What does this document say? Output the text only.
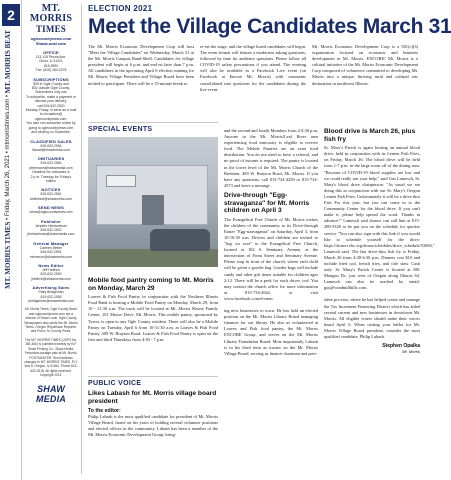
2
MT. MORRIS TIMES • Friday, March 26, 2021 • mtmorristimes.com • MT. MORRIS BEAT
MT. MORRIS
TIMES
oglecountynews.com
ShawLocal.com
OFFICE

113-115 Peoria Ave.

Dixon, IL 61021

815-9590

Fax: (815) 284-2078

SUBSCRIPTIONS

$39 in Ogle County and

$52 outside Ogle County.

Subscribers only can

To subscribe, make a payment or

discuss your delivery,

call 815-632-2520

Monday-Friday, or send an e-mail

to circulation@

oglecountynews.com.

You also can subscribe online by

going to oglecountynews.com

and clicking on Subscribe.

CLASSIFIED SALES

815-632-2554

kiszart@shawmedia.com

OBITUARIES

815-632-2554

pfertmann@shawmedia.com

Deadline for obituaries is

2 p.m. Tuesday for Friday's

edition

NOTICES

815-632-2561

kfoffredot@shawmedia.com

SEND NEWS

news@oglecountynews.com

Publisher

Jennifer Heintzelman

815-632-2502

jheintzelman@shawmedia.com

General Manager

Carleen Metter

815-632-2591

elemmon@shawmedia.com

News Editor

Jeff Helfrich

815-632-2590

jhelfrich@shawmedia.com

Advertising Sales

Patty Bridgeman

815-632-2555

pbridgeman@shawmedia.com

Mt. Morris Times, Ogle County News and oglecountynews.com are a division of Shaw Local. Ogle County Newspapers also prints the Mt. Morris Times, Oregon Republican Reporter, and Polo's Tri-County Press.

The MT. MORRIS TIMES (USPS No. 365-460) is published weekly by B.F. Shaw Printing Co., Shaw Media. Periodical postage paid at Mt. Morris. POSTMASTER: Send address changes to MT. MORRIS TIMES, P.O. Box 8, Oregon, IL 61061. Phone 815-632-2518. All rights reserved. Copyright 2021.

SHAW MEDIA
ELECTION 2021
Meet the Village Candidates March 31
The Mt. Morris Economic Development Corp will host "Meet the Village Candidates" on Wednesday, March 31 at the Mt. Morris Campus Band-Shell. Candidates for village president will begin at 6 p.m. and end no later than 7 p.m. All candidates in the upcoming April 6 election running for Mt. Morris Village President and Village Board have been invited to participate. There will be a 15-minute break to
re-set the stage, and the village board candidates will begin. The event format will feature a moderator asking questions, followed by time for audience questions. Please follow all COVID-19 safety precautions if you attend. The evening will also be available as a Facebook Live event (on Facebook at Encore Mt. Morris) with comments consolidated into questions for the candidates during the live event.
Mt. Morris Economic Development Corp is a 501(c)(3) organization focused on economic and business development in Mt. Morris. ENCORE! Mt. Morris is a cultural initiative of the Mt. Morris Economic Development Corp composed of volunteers committed to developing Mt. Morris into a unique, thriving rural and cultural arts destination in northwest Illinois.
SPECIAL EVENTS
Mobile food pantry coming to Mt. Morris on Monday, March 29
Loaves & Fish Food Pantry in conjunction with the Northern Illinois Food Bank is hosting a Mobile Food Pantry on Monday, March 29, from 10 - 11:30 a.m. The truck will be located at Mt. Morris Moose Family Center, 101 Moose Drive, Mt. Morris. This mobile pantry, sponsored by Tyson, is open to any Ogle County resident. There will also be a Mobile Pantry on Tuesday, April 6 from 10-11:30 a.m. at Loaves & Fish Food Pantry, 409 W. Brayton Road. Loaves & Fish Food Pantry is open on the first and third Thursdays from 4:30 - 7 p.m.
PUBLIC VOICE
Likes Labash for Mt. Morris village board president
To the editor:
Philip Labash is the most qualified candidate for president of Mt. Morris Village Board, based on his years of holding several volunteer positions and elected offices in the community. Labash has been a member of the Mt. Morris Economic Development Group, bring-
and the second and fourth Mondays from 2-4:30 p.m. Anyone in the Mt. Morris/Leaf River area experiencing food insecurity is eligible to receive food. The Mobile Pantries are an extra food distribution. You do not need to have a referral, and no proof of income is required. The pantry is located in the lower level of the Mt. Morris Church of the Brethren, 409 W. Brayton Road, Mt. Morris. If you have any questions, call 815-734-4250 or 815-734-4573 and leave a message.
Drive-through "Egg-stravaganza" for Mt. Morris children on April 3
The Evangelical Free Church of Mt. Morris invites the children of the community to its Drive-through Easter "Egg-stravaganza" on Saturday, April 3, from 10-10:30 a.m. Drivers and children are invited to "hop on over" to the Evangelical Free Church, located at 102 S. Seminary Avenue, at the intersection of Front Street and Seminary Avenue. Please stop in front of the church, where each child will be given a goodie bag. Goodie bags will include candy and other gift items suitable for children ages 2-12. There will be a perk for each driver, too! You may contact the church office for more information at 815-734-4942, or visit www.facebook.com/efcmm.
ing new businesses to town. He has held an elected position on the Mt. Morris Library Board managing finances for our library. He also as volunteered at Loaves and Fish food pantry, the Mt. Morris ENCORE Group, and serves on the Mt. Morris Library Foundation Board. Most importantly, Labash is in his third term as trustee on the Mt. Morris Village Board, serving as finance chairman and pres-
Blood drive is March 26, plus fish fry
St. Mary's Parish is again hosting an annual blood drive, held in conjunction with its Lenten Fish Fries, on Friday, March 26. The blood drive will be held from 1-7 p.m. in the large room off of the dining area. "Because of COVID-19 blood supplies are low and we could really use your help," said Gus Lamesch, St. Mary's blood drive chairperson. "As usual we are doing this in conjunction with our St. Mary's Oregon Lenten Fish Fries. Unfortunately it will be a drive thru Fish Fry this year, but you can come in to the Community Center for the blood drive. If you can't make it, please help spread the word. Thanks in advance!" Lamesch said donors can call him at 815-289-3328 to be put you on the schedule for quicker service "You can also sign with this link if you would like to schedule yourself for the drive: https://donor.rvbc.org/donor/schedules/drive_schedule/53984," Lamesch said. The last drive-thru fish fry is Friday, March 26 from 4:30-6:30 p.m. Dinners cost $10 and include fried cod, french fries, and cole slaw. Cash only. St. Mary's Parish Center is located at 881 Mongan Dr., just west of Oregon along Illinois 64. Lamesch can also be reached by email: gus@windmillhillc.com.
ident pro-tem, where he has helped create and manage the Tax Increment Financing District which has aided several current and new businesses in downtown Mt. Morris. All eligible voters should make their voices heard April 6. When casting your ballot for Mt. Morris Village Board president, consider the most qualified candidate, Philip Labash.
Stephen Opalka
Mt. Morris
